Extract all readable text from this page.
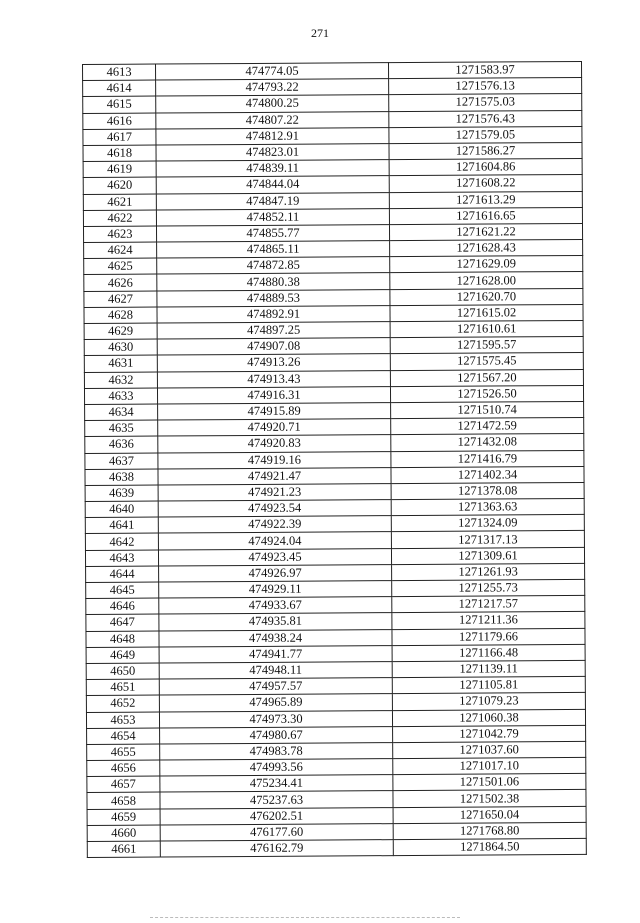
271
4613	474774.05	1271583.97
4614	474793.22	1271576.13
4615	474800.25	1271575.03
4616	474807.22	1271576.43
4617	474812.91	1271579.05
4618	474823.01	1271586.27
4619	474839.11	1271604.86
4620	474844.04	1271608.22
4621	474847.19	1271613.29
4622	474852.11	1271616.65
4623	474855.77	1271621.22
4624	474865.11	1271628.43
4625	474872.85	1271629.09
4626	474880.38	1271628.00
4627	474889.53	1271620.70
4628	474892.91	1271615.02
4629	474897.25	1271610.61
4630	474907.08	1271595.57
4631	474913.26	1271575.45
4632	474913.43	1271567.20
4633	474916.31	1271526.50
4634	474915.89	1271510.74
4635	474920.71	1271472.59
4636	474920.83	1271432.08
4637	474919.16	1271416.79
4638	474921.47	1271402.34
4639	474921.23	1271378.08
4640	474923.54	1271363.63
4641	474922.39	1271324.09
4642	474924.04	1271317.13
4643	474923.45	1271309.61
4644	474926.97	1271261.93
4645	474929.11	1271255.73
4646	474933.67	1271217.57
4647	474935.81	1271211.36
4648	474938.24	1271179.66
4649	474941.77	1271166.48
4650	474948.11	1271139.11
4651	474957.57	1271105.81
4652	474965.89	1271079.23
4653	474973.30	1271060.38
4654	474980.67	1271042.79
4655	474983.78	1271037.60
4656	474993.56	1271017.10
4657	475234.41	1271501.06
4658	475237.63	1271502.38
4659	476202.51	1271650.04
4660	476177.60	1271768.80
4661	476162.79	1271864.50
